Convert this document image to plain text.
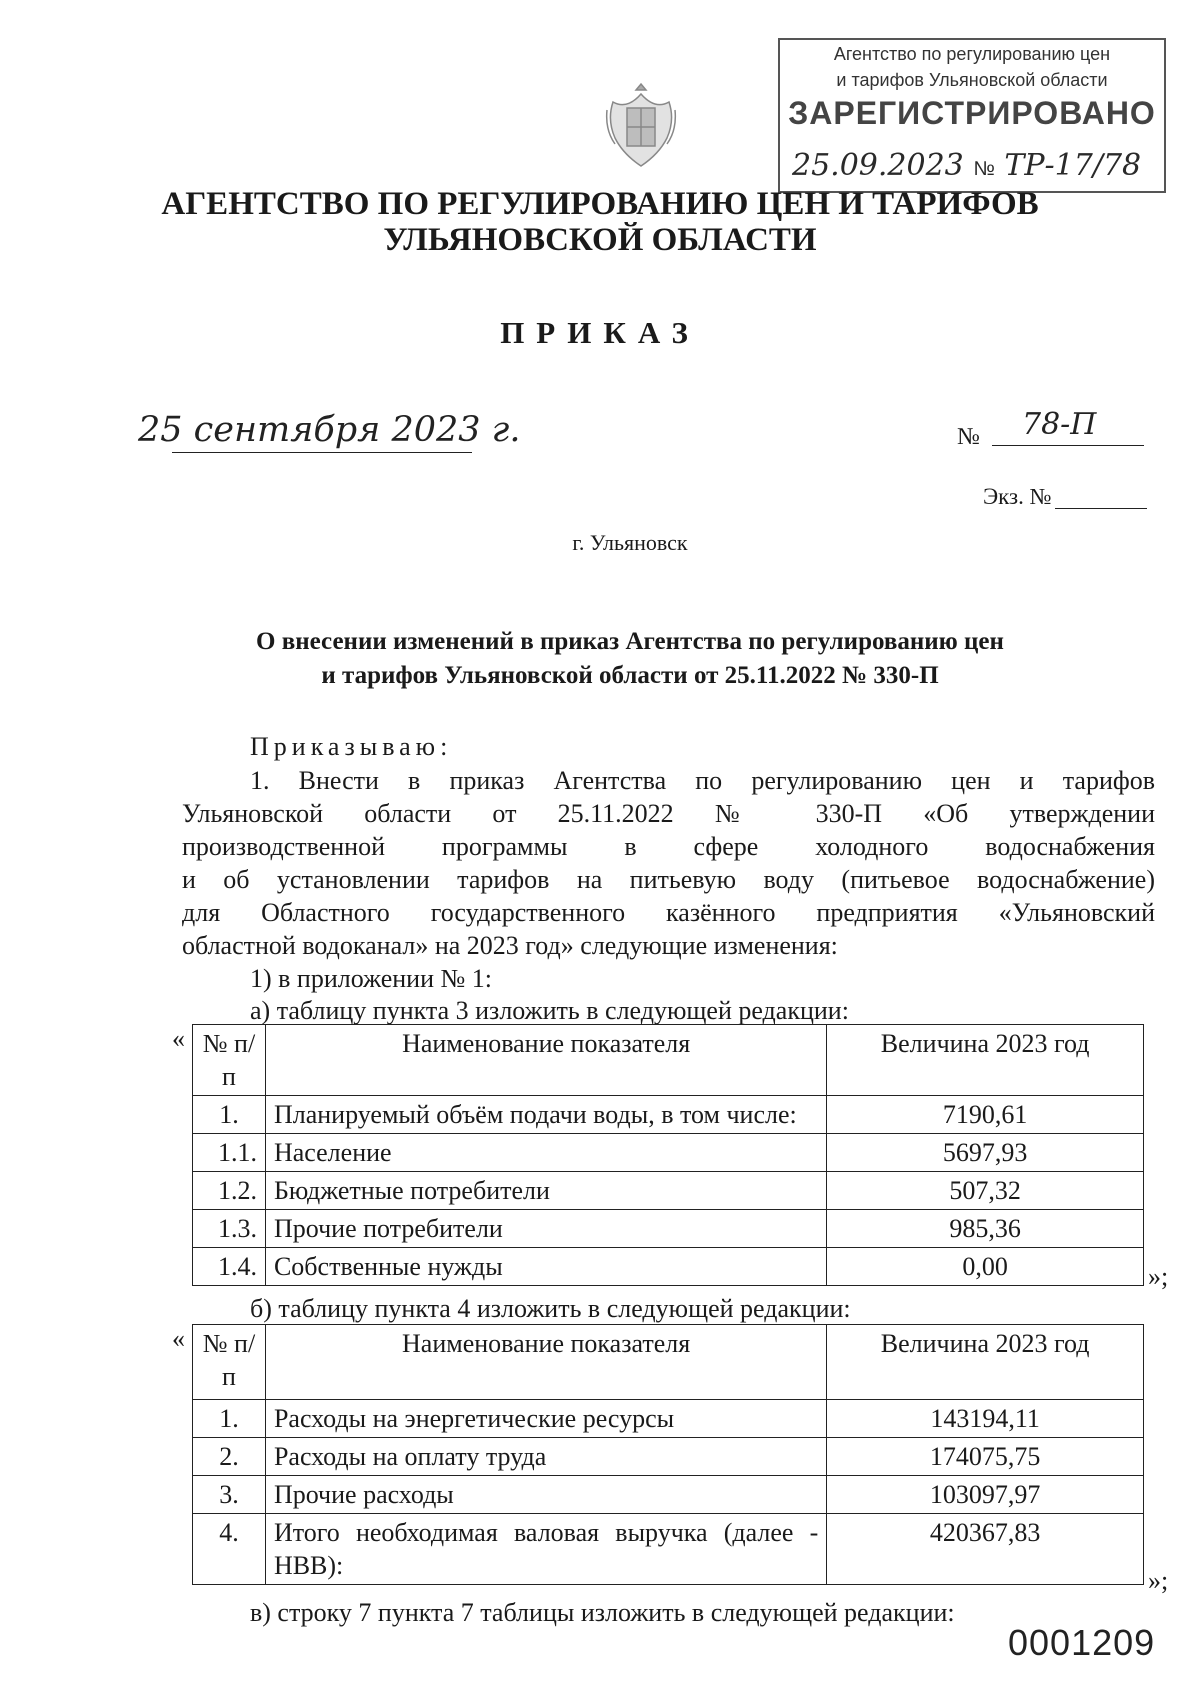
Агентство по регулированию цен
и тарифов Ульяновской области
ЗАРЕГИСТРИРОВАНО
25.09.2023 № ТР-17/78
АГЕНТСТВО ПО РЕГУЛИРОВАНИЮ ЦЕН И ТАРИФОВ
УЛЬЯНОВСКОЙ ОБЛАСТИ
ПРИКАЗ
25 сентября 2023 г.	№ 78-П
Экз. №
г. Ульяновск
О внесении изменений в приказ Агентства по регулированию цен
и тарифов Ульяновской области от 25.11.2022 № 330-П
Приказываю:
1. Внести в приказ Агентства по регулированию цен и тарифов
Ульяновской области от 25.11.2022 № 330-П «Об утверждении
производственной программы в сфере холодного водоснабжения
и об установлении тарифов на питьевую воду (питьевое водоснабжение)
для Областного государственного казённого предприятия «Ульяновский
областной водоканал» на 2023 год» следующие изменения:
1) в приложении № 1:
а) таблицу пункта 3 изложить в следующей редакции:
« № п/п	Наименование показателя	Величина 2023 год
1.	Планируемый объём подачи воды, в том числе:	7190,61
1.1.	Население	5697,93
1.2.	Бюджетные потребители	507,32
1.3.	Прочие потребители	985,36
1.4.	Собственные нужды	0,00	»;
б) таблицу пункта 4 изложить в следующей редакции:
« № п/п	Наименование показателя	Величина 2023 год
1.	Расходы на энергетические ресурсы	143194,11
2.	Расходы на оплату труда	174075,75
3.	Прочие расходы	103097,97
4.	Итого необходимая валовая выручка (далее - НВВ):	420367,83
»;
в) строку 7 пункта 7 таблицы изложить в следующей редакции:
0001209
